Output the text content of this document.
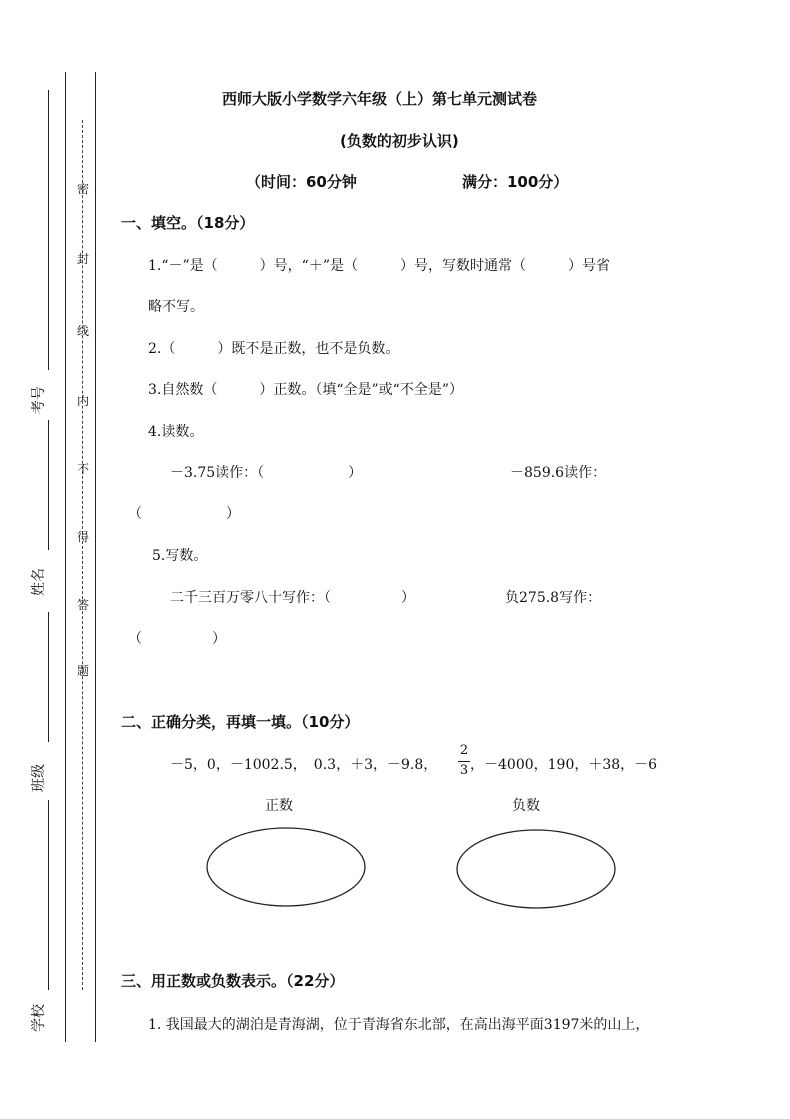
密
封
线
内
不
得
答
题
考号
姓名
班级
学校
西师大版小学数学六年级（上）第七单元测试卷
(负数的初步认识)
（时间：60分钟	满分：100分）
一、填空。（18分）
1.“－”是（　　　）号，“＋”是（　　　）号，写数时通常（　　　）号省
略不写。
2.（　　　）既不是正数，也不是负数。
3.自然数（　　　）正数。（填“全是”或“不全是”）
4.读数。
－3.75读作：（　　　　　　）	－859.6读作：
（　　　　　　）
5.写数。
二千三百万零八十写作：（　　　　　）	负275.8写作：
（　　　　　）
二、正确分类，再填一填。（10分）
－5，0，－1002.5，　0.3，＋3，－9.8，
2
3 ，－4000，190，＋38，－6
正数	负数
三、用正数或负数表示。（22分）
1. 我国最大的湖泊是青海湖，位于青海省东北部，在高出海平面3197米的山上，
